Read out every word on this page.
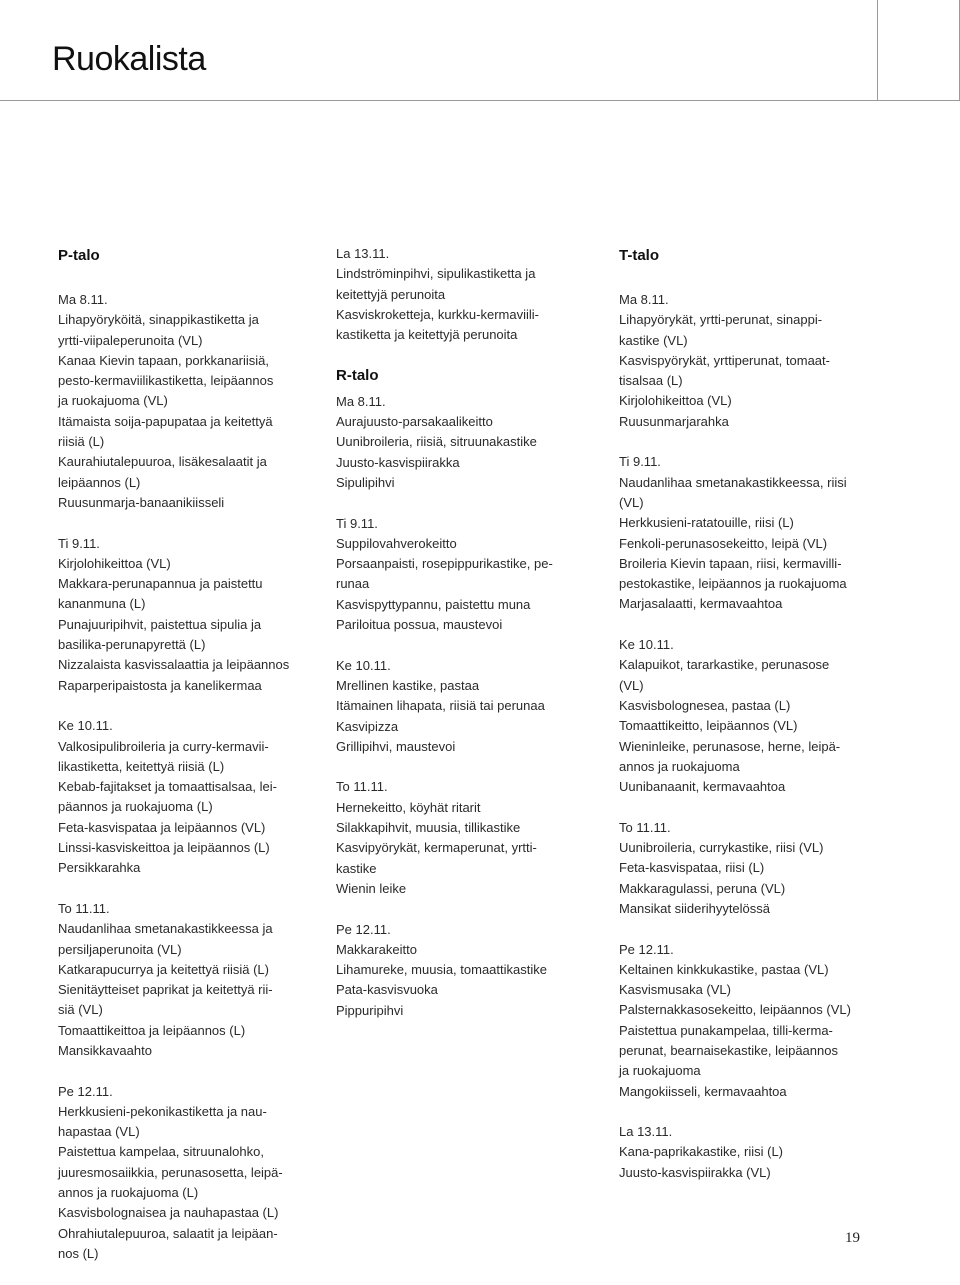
Ruokalista
P-talo
Ma 8.11.
Lihapyöryköitä, sinappikastiketta ja
yrtti-viipaleperunoita (VL)
Kanaa Kievin tapaan, porkkanariisiä,
pesto-kermaviilikastiketta, leipäannos
ja ruokajuoma (VL)
Itämaista soija-papupataa ja keitettyä
riisiä (L)
Kaurahiutalepuuroa, lisäkesalaatit ja
leipäannos (L)
Ruusunmarja-banaanikiisseli
Ti 9.11.
Kirjolohikeittoa (VL)
Makkara-perunapannua ja paistettu
kananmuna (L)
Punajuuripihvit, paistettua sipulia ja
basilika-perunapyrettä (L)
Nizzalaista kasvissalaattia ja leipäannos
Raparperipaistosta ja kanelikermaa
Ke 10.11.
Valkosipulibroileria ja curry-kermavii-
likastiketta, keitettyä riisiä (L)
Kebab-fajitakset ja tomaattisalsaa, lei-
päannos ja ruokajuoma (L)
Feta-kasvispataa ja leipäannos (VL)
Linssi-kasviskeittoa ja leipäannos (L)
Persikkarahka
To 11.11.
Naudanlihaa smetanakastikkeessa ja
persiljaperunoita (VL)
Katkarapucurrya ja keitettyä riisiä (L)
Sienitäytteiset paprikat ja keitettyä rii-
siä (VL)
Tomaattikeittoa ja leipäannos (L)
Mansikkavaahto
Pe 12.11.
Herkkusieni-pekonikastiketta ja nau-
hapastaa (VL)
Paistettua kampelaa, sitruunalohko,
juuresmosaiikkia, perunasosetta, leipä-
annos ja ruokajuoma (L)
Kasvisbolognaisea ja nauhapastaa (L)
Ohrahiutalepuuroa, salaatit ja leipäan-
nos (L)
La 13.11.
Lindströminpihvi, sipulikastiketta ja
keitettyjä perunoita
Kasviskroketteja, kurkku-kermaviili-
kastiketta ja keitettyjä perunoita
R-talo
Ma 8.11.
Aurajuusto-parsakaalikeitto
Uunibroileria, riisiä, sitruunakastike
Juusto-kasvispiirakka
Sipulipihvi
Ti 9.11.
Suppilovahverokeitto
Porsaanpaisti, rosepippurikastike, pe-
runaa
Kasvispyttypannu, paistettu muna
Pariloitua possua, maustevoi
Ke 10.11.
Mrellinen kastike, pastaa
Itämainen lihapata, riisiä tai perunaa
Kasvipizza
Grillipihvi, maustevoi
To 11.11.
Hernekeitto, köyhät ritarit
Silakkapihvit, muusia, tillikastike
Kasvipyörykät, kermaperunat, yrtti-
kastike
Wienin leike
Pe 12.11.
Makkarakeitto
Lihamureke, muusia, tomaattikastike
Pata-kasvisvuoka
Pippuripihvi
T-talo
Ma 8.11.
Lihapyörykät, yrtti-perunat, sinappi-
kastike (VL)
Kasvispyörykät, yrttiperunat, tomaat-
tisalsaa (L)
Kirjolohikeittoa (VL)
Ruusunmarjarahka
Ti 9.11.
Naudanlihaa smetanakastikkeessa, riisi
(VL)
Herkkusieni-ratatouille, riisi (L)
Fenkoli-perunasosekeitto, leipä (VL)
Broileria Kievin tapaan, riisi, kermavilli-
pestokastike, leipäannos ja ruokajuoma
Marjasalaatti, kermavaahtoa
Ke 10.11.
Kalapuikot, tararkastike, perunasose
(VL)
Kasvisbolognesea, pastaa (L)
Tomaattikeitto, leipäannos (VL)
Wieninleike, perunasose, herne, leipä-
annos ja ruokajuoma
Uunibanaanit, kermavaahtoa
To 11.11.
Uunibroileria, currykastike, riisi (VL)
Feta-kasvispataa, riisi (L)
Makkaragulassi, peruna (VL)
Mansikat siiderihyytelössä
Pe 12.11.
Keltainen kinkkukastike, pastaa (VL)
Kasvismusaka (VL)
Palsternakkasosekeitto, leipäannos (VL)
Paistettua punakampelaa, tilli-kerma-
perunat, bearnaisekastike, leipäannos
ja ruokajuoma
Mangokiisseli, kermavaahtoa
La 13.11.
Kana-paprikakastike, riisi (L)
Juusto-kasvispiirakka (VL)
19
